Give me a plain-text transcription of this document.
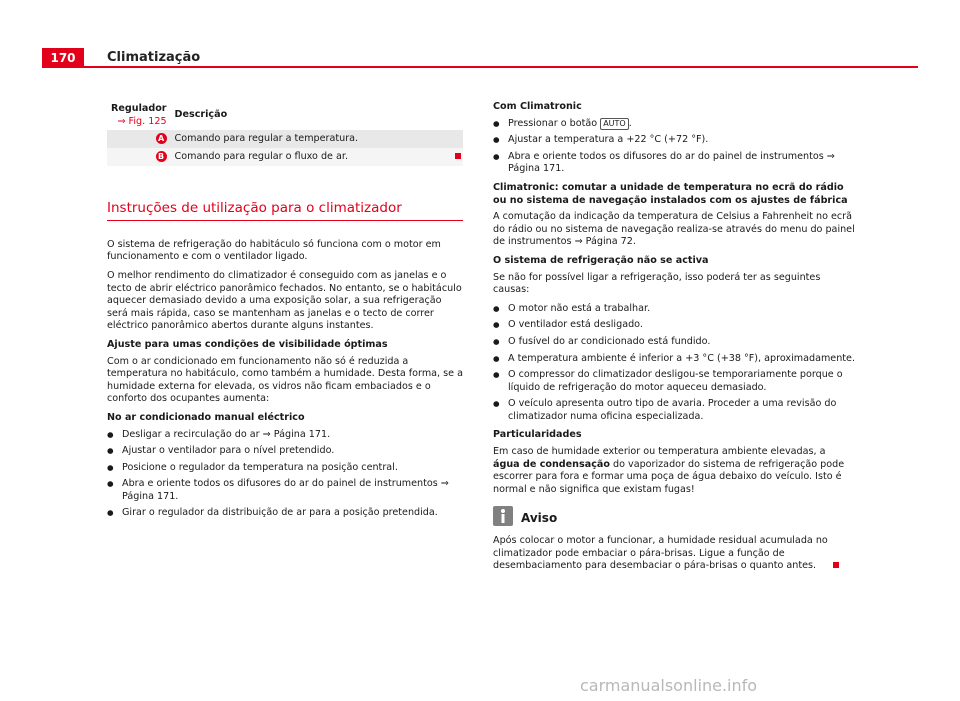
170	Climatização
Regulador
⇒ Fig. 125	Descrição
A	Comando para regular a temperatura.
B	Comando para regular o fluxo de ar.
Instruções de utilização para o climatizador

O sistema de refrigeração do habitáculo só funciona com o motor em funcionamento e com o ventilador ligado.

O melhor rendimento do climatizador é conseguido com as janelas e o tecto de abrir eléctrico panorâmico fechados. No entanto, se o habitáculo aquecer demasiado devido a uma exposição solar, a sua refrigeração será mais rápida, caso se mantenham as janelas e o tecto de correr eléctrico panorâmico abertos durante alguns instantes.

Ajuste para umas condições de visibilidade óptimas

Com o ar condicionado em funcionamento não só é reduzida a temperatura no habitáculo, como também a humidade. Desta forma, se a humidade externa for elevada, os vidros não ficam embaciados e o conforto dos ocupantes aumenta:

No ar condicionado manual eléctrico

● Desligar a recirculação do ar ⇒ Página 171.
● Ajustar o ventilador para o nível pretendido.
● Posicione o regulador da temperatura na posição central.
● Abra e oriente todos os difusores do ar do painel de instrumentos ⇒ Página 171.
● Girar o regulador da distribuição de ar para a posição pretendida.

Com Climatronic

● Pressionar o botão AUTO .
● Ajustar a temperatura a +22 °C (+72 °F).
● Abra e oriente todos os difusores do ar do painel de instrumentos ⇒ Página 171.

Climatronic: comutar a unidade de temperatura no ecrã do rádio ou no sistema de navegação instalados com os ajustes de fábrica

A comutação da indicação da temperatura de Celsius a Fahrenheit no ecrã do rádio ou no sistema de navegação realiza-se através do menu do painel de instrumentos ⇒ Página 72.

O sistema de refrigeração não se activa

Se não for possível ligar a refrigeração, isso poderá ter as seguintes causas:

● O motor não está a trabalhar.
● O ventilador está desligado.
● O fusível do ar condicionado está fundido.
● A temperatura ambiente é inferior a +3 °C (+38 °F), aproximadamente.
● O compressor do climatizador desligou-se temporariamente porque o líquido de refrigeração do motor aqueceu demasiado.
● O veículo apresenta outro tipo de avaria. Proceder a uma revisão do climatizador numa oficina especializada.

Particularidades

Em caso de humidade exterior ou temperatura ambiente elevadas, a água de condensação do vaporizador do sistema de refrigeração pode escorrer para fora e formar uma poça de água debaixo do veículo. Isto é normal e não significa que existam fugas!

Aviso

Após colocar o motor a funcionar, a humidade residual acumulada no climatizador pode embaciar o pára-brisas. Ligue a função de desembaciamento para desembaciar o pára-brisas o quanto antes.

carmanualsonline.info
